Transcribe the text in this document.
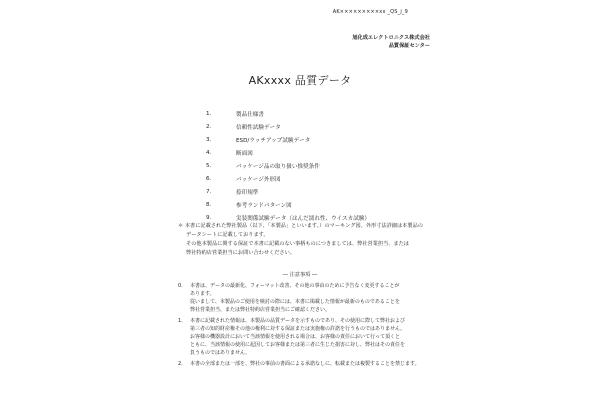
AK×××××××××xx _QS_j_9
旭化成エレクトロニクス株式会社
品質保証センター
AKxxxx 品質データ
1.	製品仕様書
2.	信頼性試験データ
3.	ESD/ラッチアップ試験データ
4.	断面図
5.	パッケージ品の取り扱い推奨条件
6.	パッケージ外形図
7.	捺印規準
8.	参考ランドパターン図
9.	実装関係試験データ（はんだ濡れ性、ウイスカ試験）
＊ 本書に記載された弊社製品（以下、「本製品」といいます。）のマーキング図、外形寸法詳細は本製品の
データシートに記載しております。
その他本製品に関する保証で本書に記載のない事柄ものにつきましては、弊社営業担当、または
弊社特約店営業担当にお問い合わせください。
― 注意事項 ―
0.	本書は、データの最新化、フォーマット改善、その他の事由のために予告なく変更することが
あります。
従いまして、本製品のご使用を検討の際には、本書に掲載した情報が最新のものであることを
弊社営業担当、または弊社特約店営業担当にご確認ください。
1.	本書に記載された情報は、本製品の品質データを示すものであり、その使用に際して弊社および
第三者の知的財産権その他の権利に対する保証または実施権の許諾を行うものではありません。
お客様の機器設計において当該情報を使用される場合は、お客様の責任において行って頂くと
ともに、当該情報の使用に起因してお客様または第三者に生じた損害に対し、弊社はその責任を
負うものではありません。
2.	本書の全部または一部を、弊社の事前の書面による承諾なしに、転載または複製することを禁じます。
